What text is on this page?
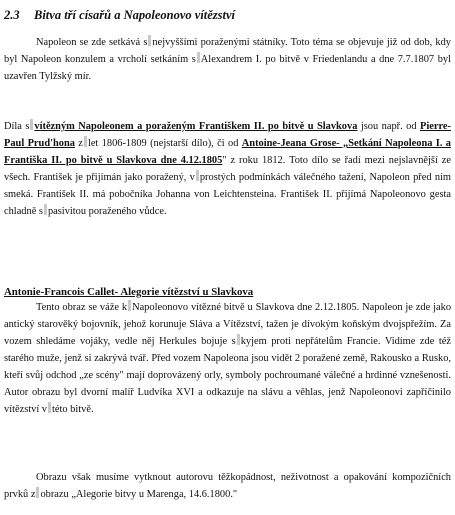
2.3 Bitva tří císařů a Napoleonovo vítězství

Napoleon se zde setkává s nejvyššími poraženými státníky. Toto téma se objevuje již od dob, kdy byl Napoleon konzulem a vrcholí setkáním s Alexandrem I. po bitvě v Friedenlandu a dne 7.7.1807 byl uzavřen Tylžský mír.

Díla s vítězným Napoleonem a poraženým Františkem II. po bitvě u Slavkova jsou např. od Pierre-Paul Prud'hona z let 1806-1809 (nejstarší dílo), či od Antoine-Jeana Grose- „Setkání Napoleona I. a Františka II. po bitvě u Slavkova dne 4.12.1805" z roku 1812. Toto dílo se řadí mezi nejslavnější ze všech. František je přijímán jako poražený, v prostých podmínkách válečného tažení, Napoleon před ním smeká. František II. má pobočníka Johanna von Leichtensteina. František II. přijímá Napoleonovo gesta chladně s pasivitou poraženého vůdce.

Antonie-Francois Callet- Alegorie vítězství u Slavkova

Tento obraz se váže k Napoleonovo vítězné bitvě u Slavkova dne 2.12.1805. Napoleon je zde jako antický starověký bojovník, jehož korunuje Sláva a Vítězství, tažen je dívokým koňským dvojspřežím. Za vozem shledáme vojáky, vedle něj Herkules bojuje s kyjem proti nepřátelům Francie. Vidíme zde též starého muže, jenž si zakrývá tvář. Před vozem Napoleona jsou vidět 2 poražené země, Rakousko a Rusko, kteří svůj odchod „ze scény" mají doprovázený orly, symboly pochroumané válečné a hrdinné vznešenosti. Autor obrazu byl dvorní malíř Ludvíka XVI a odkazuje na slávu a věhlas, jenž Napoleonovi zapříčinilo vítězství v této bitvě.

Obrazu však musíme vytknout autorovu těžkopádnost, neživotnost a opakování kompozičních prvků z obrazu „Alegorie bitvy u Marenga, 14.6.1800."
